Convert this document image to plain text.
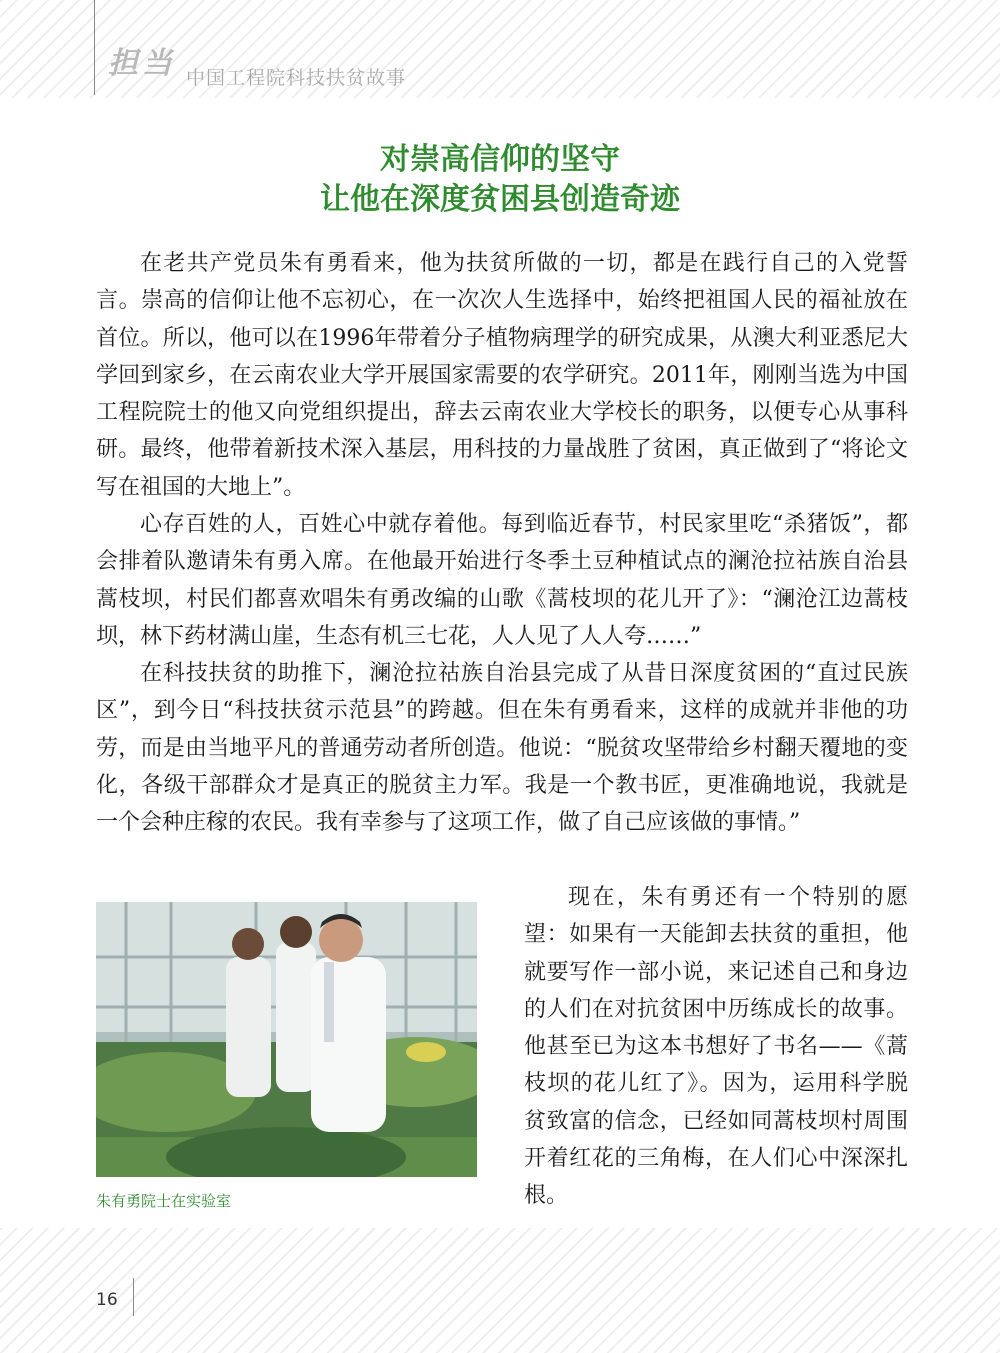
担当 中国工程院科技扶贫故事
对崇高信仰的坚守
让他在深度贫困县创造奇迹

在老共产党员朱有勇看来，他为扶贫所做的一切，都是在践行自己的入党誓言。崇高的信仰让他不忘初心，在一次次人生选择中，始终把祖国人民的福祉放在首位。所以，他可以在1996年带着分子植物病理学的研究成果，从澳大利亚悉尼大学回到家乡，在云南农业大学开展国家需要的农学研究。2011年，刚刚当选为中国工程院院士的他又向党组织提出，辞去云南农业大学校长的职务，以便专心从事科研。最终，他带着新技术深入基层，用科技的力量战胜了贫困，真正做到了“将论文写在祖国的大地上”。

心存百姓的人，百姓心中就存着他。每到临近春节，村民家里吃“杀猪饭”，都会排着队邀请朱有勇入席。在他最开始进行冬季土豆种植试点的澜沧拉祜族自治县蒿枝坝，村民们都喜欢唱朱有勇改编的山歌《蒿枝坝的花儿开了》：“澜沧江边蒿枝坝，林下药材满山崖，生态有机三七花，人人见了人人夸……”

在科技扶贫的助推下，澜沧拉祜族自治县完成了从昔日深度贫困的“直过民族区”，到今日“科技扶贫示范县”的跨越。但在朱有勇看来，这样的成就并非他的功劳，而是由当地平凡的普通劳动者所创造。他说：“脱贫攻坚带给乡村翻天覆地的变化，各级干部群众才是真正的脱贫主力军。我是一个教书匠，更准确地说，我就是一个会种庄稼的农民。我有幸参与了这项工作，做了自己应该做的事情。”

朱有勇院士在实验室

现在，朱有勇还有一个特别的愿望：如果有一天能卸去扶贫的重担，他就要写作一部小说，来记述自己和身边的人们在对抗贫困中历练成长的故事。他甚至已为这本书想好了书名——《蒿枝坝的花儿红了》。因为，运用科学脱贫致富的信念，已经如同蒿枝坝村周围开着红花的三角梅，在人们心中深深扎根。

16
